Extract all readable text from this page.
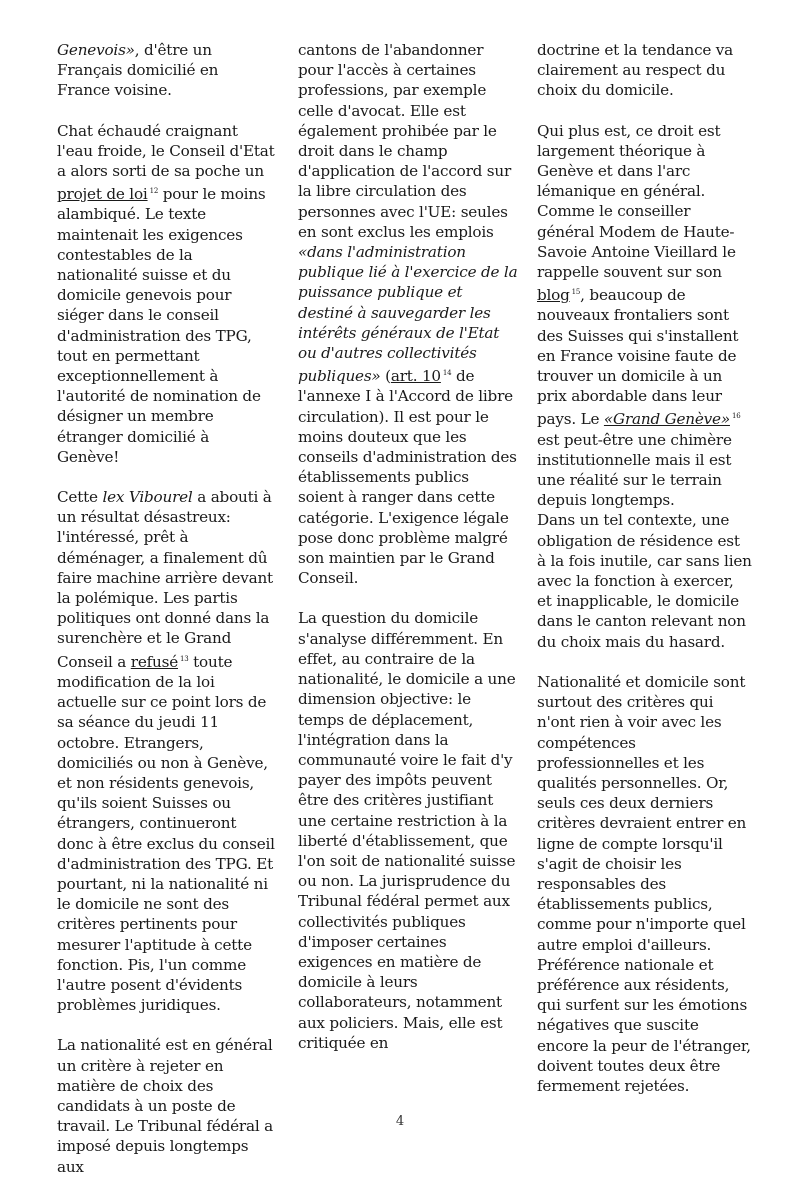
Genevois», d'être un Français domicilié en France voisine.

Chat échaudé craignant l'eau froide, le Conseil d'Etat a alors sorti de sa poche un projet de loi $^{12}$ pour le moins alambiqué. Le texte maintenait les exigences contestables de la nationalité suisse et du domicile genevois pour siéger dans le conseil d'administration des TPG, tout en permettant exceptionnellement à l'autorité de nomination de désigner un membre étranger domicilié à Genève!

Cette lex Vibourel a abouti à un résultat désastreux: l'intéressé, prêt à déménager, a finalement dû faire machine arrière devant la polémique. Les partis politiques ont donné dans la surenchère et le Grand Conseil a refusé $^{13}$ toute modification de la loi actuelle sur ce point lors de sa séance du jeudi 11 octobre. Etrangers, domiciliés ou non à Genève, et non résidents genevois, qu'ils soient Suisses ou étrangers, continueront donc à être exclus du conseil d'administration des TPG. Et pourtant, ni la nationalité ni le domicile ne sont des critères pertinents pour mesurer l'aptitude à cette fonction. Pis, l'un comme l'autre posent d'évidents problèmes juridiques.

La nationalité est en général un critère à rejeter en matière de choix des candidats à un poste de travail. Le Tribunal fédéral a imposé depuis longtemps aux

cantons de l'abandonner pour l'accès à certaines professions, par exemple celle d'avocat. Elle est également prohibée par le droit dans le champ d'application de l'accord sur la libre circulation des personnes avec l'UE: seules en sont exclus les emplois «dans l'administration publique lié à l'exercice de la puissance publique et destiné à sauvegarder les intérêts généraux de l'Etat ou d'autres collectivités publiques» (art. 10 $^{14}$ de l'annexe I à l'Accord de libre circulation). Il est pour le moins douteux que les conseils d'administration des établissements publics soient à ranger dans cette catégorie. L'exigence légale pose donc problème malgré son maintien par le Grand Conseil.

La question du domicile s'analyse différemment. En effet, au contraire de la nationalité, le domicile a une dimension objective: le temps de déplacement, l'intégration dans la communauté voire le fait d'y payer des impôts peuvent être des critères justifiant une certaine restriction à la liberté d'établissement, que l'on soit de nationalité suisse ou non. La jurisprudence du Tribunal fédéral permet aux collectivités publiques d'imposer certaines exigences en matière de domicile à leurs collaborateurs, notamment aux policiers. Mais, elle est critiquée en

doctrine et la tendance va clairement au respect du choix du domicile.

Qui plus est, ce droit est largement théorique à Genève et dans l'arc lémanique en général. Comme le conseiller général Modem de Haute-Savoie Antoine Vieillard le rappelle souvent sur son blog $^{15}$, beaucoup de nouveaux frontaliers sont des Suisses qui s'installent en France voisine faute de trouver un domicile à un prix abordable dans leur pays. Le «Grand Genève» $^{16}$ est peut-être une chimère institutionnelle mais il est une réalité sur le terrain depuis longtemps.

Dans un tel contexte, une obligation de résidence est à la fois inutile, car sans lien avec la fonction à exercer, et inapplicable, le domicile dans le canton relevant non du choix mais du hasard.

Nationalité et domicile sont surtout des critères qui n'ont rien à voir avec les compétences professionnelles et les qualités personnelles. Or, seuls ces deux derniers critères devraient entrer en ligne de compte lorsqu'il s'agit de choisir les responsables des établissements publics, comme pour n'importe quel autre emploi d'ailleurs. Préférence nationale et préférence aux résidents, qui surfent sur les émotions négatives que suscite encore la peur de l'étranger, doivent toutes deux être fermement rejetées.

4
